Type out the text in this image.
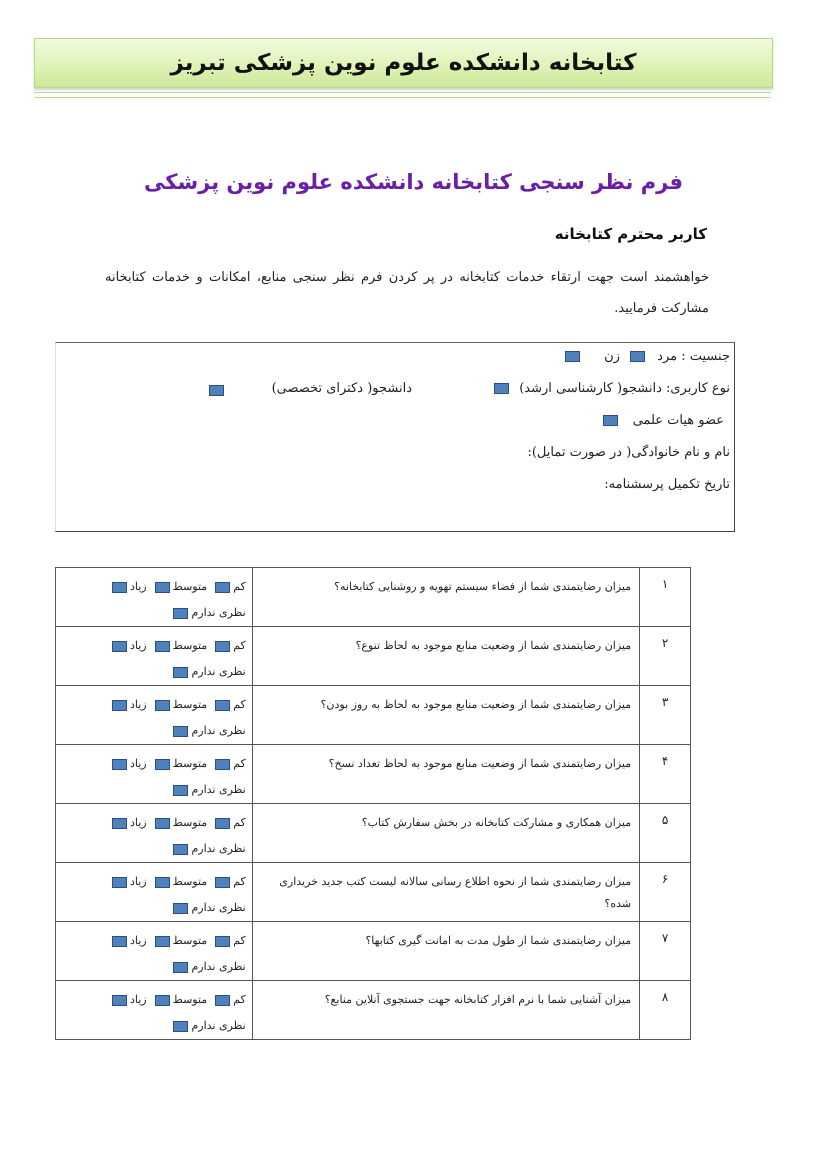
کتابخانه دانشکده علوم نوین پزشکی تبریز
فرم نظر سنجی کتابخانه دانشکده علوم نوین پزشکی
کاربر محترم کتابخانه
خواهشمند است جهت ارتقاء خدمات کتابخانه در پر کردن فرم نظر سنجی منابع، امکانات و خدمات کتابخانه مشارکت فرمایید.
جنسیت : مرد  زن
نوع کاربری: دانشجو( کارشناسی ارشد)
دانشجو( دکترای تخصصی)
عضو هیات علمی
نام و نام خانوادگی( در صورت تمایل):
تاریخ تکمیل پرسشنامه:
۱	میزان رضایتمندی شما از فضاء سیستم تهویه و روشنایی کتابخانه؟	کممتوسطزیاد
نظری ندارم
۲	میزان رضایتمندی شما از وضعیت منابع موجود به لحاظ تنوع؟	کممتوسطزیاد
نظری ندارم
۳	میزان رضایتمندی شما از وضعیت منابع موجود به لحاظ به روز بودن؟	کممتوسطزیاد
نظری ندارم
۴	میزان رضایتمندی شما از وضعیت منابع موجود به لحاظ تعداد نسخ؟	کممتوسطزیاد
نظری ندارم
۵	میزان همکاری و مشارکت کتابخانه در بخش سفارش کتاب؟	کممتوسطزیاد
نظری ندارم
۶	میزان رضایتمندی شما از نحوه اطلاع رسانی سالانه لیست کتب جدید خریداری شده؟	کممتوسطزیاد
نظری ندارم
۷	میزان رضایتمندی شما از طول مدت به امانت گیری کتابها؟	کممتوسطزیاد
نظری ندارم
۸	میزان آشنایی شما با نرم افزار کتابخانه جهت جستجوی آنلاین منابع؟	کممتوسطزیاد
نظری ندارم
